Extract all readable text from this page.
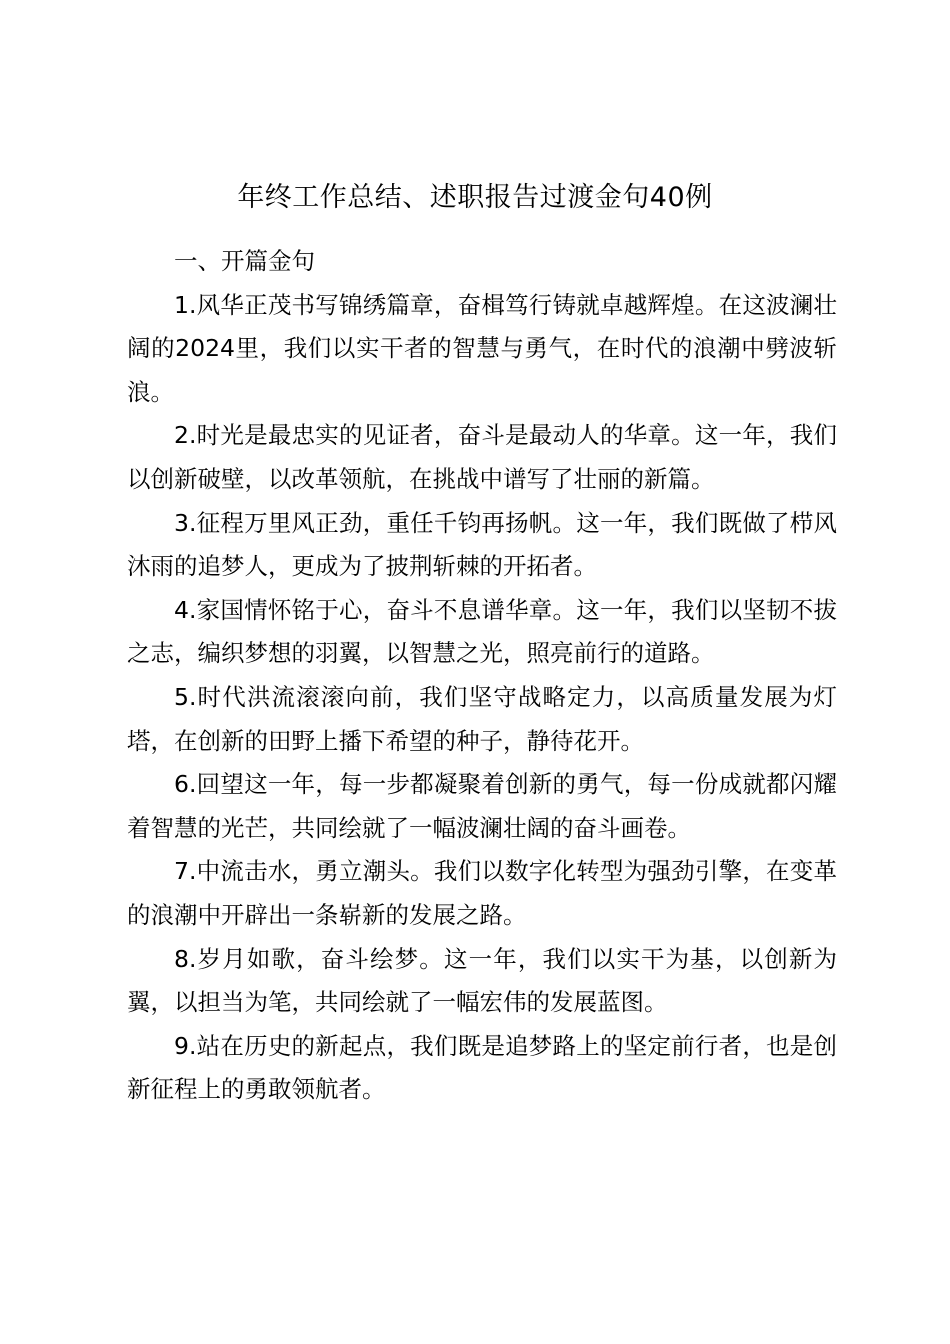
年终工作总结、述职报告过渡金句40例
一、开篇金句

1.风华正茂书写锦绣篇章，奋楫笃行铸就卓越辉煌。在这波澜壮阔的2024里，我们以实干者的智慧与勇气，在时代的浪潮中劈波斩浪。

2.时光是最忠实的见证者，奋斗是最动人的华章。这一年，我们以创新破壁，以改革领航，在挑战中谱写了壮丽的新篇。

3.征程万里风正劲，重任千钧再扬帆。这一年，我们既做了栉风沐雨的追梦人，更成为了披荆斩棘的开拓者。

4.家国情怀铭于心，奋斗不息谱华章。这一年，我们以坚韧不拔之志，编织梦想的羽翼，以智慧之光，照亮前行的道路。

5.时代洪流滚滚向前，我们坚守战略定力，以高质量发展为灯塔，在创新的田野上播下希望的种子，静待花开。

6.回望这一年，每一步都凝聚着创新的勇气，每一份成就都闪耀着智慧的光芒，共同绘就了一幅波澜壮阔的奋斗画卷。

7.中流击水，勇立潮头。我们以数字化转型为强劲引擎，在变革的浪潮中开辟出一条崭新的发展之路。

8.岁月如歌，奋斗绘梦。这一年，我们以实干为基，以创新为翼，以担当为笔，共同绘就了一幅宏伟的发展蓝图。

9.站在历史的新起点，我们既是追梦路上的坚定前行者，也是创新征程上的勇敢领航者。
